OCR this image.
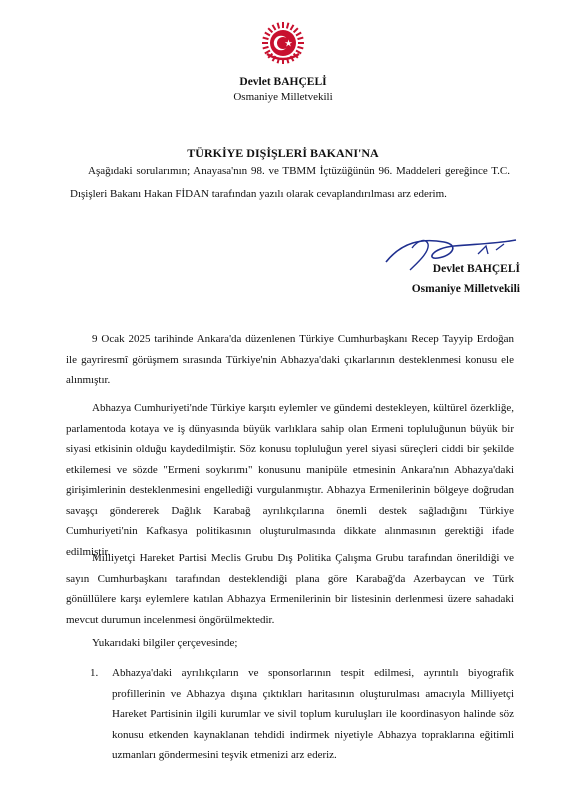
Devlet BAHÇELİ
Osmaniye Milletvekili
TÜRKİYE DIŞİŞLERİ BAKANI'NA

Aşağıdaki sorularımın; Anayasa'nın 98. ve TBMM İçtüzüğünün 96. Maddeleri gereğince T.C. Dışişleri Bakanı Hakan FİDAN tarafından yazılı olarak cevaplandırılması arz ederim.

Devlet BAHÇELİ
Osmaniye Milletvekili

9 Ocak 2025 tarihinde Ankara'da düzenlenen Türkiye Cumhurbaşkanı Recep Tayyip Erdoğan ile gayriresmî görüşmem sırasında Türkiye'nin Abhazya'daki çıkarlarının desteklenmesi konusu ele alınmıştır.

Abhazya Cumhuriyeti'nde Türkiye karşıtı eylemler ve gündemi destekleyen, kültürel özerkliğe, parlamentoda kotaya ve iş dünyasında büyük varlıklara sahip olan Ermeni topluluğunun büyük bir siyasi etkisinin olduğu kaydedilmiştir. Söz konusu topluluğun yerel siyasi süreçleri ciddi bir şekilde etkilemesi ve sözde "Ermeni soykırımı" konusunu manipüle etmesinin Ankara'nın Abhazya'daki girişimlerinin desteklenmesini engellediği vurgulanmıştır. Abhazya Ermenilerinin bölgeye doğrudan savaşçı göndererek Dağlık Karabağ ayrılıkçılarına önemli destek sağladığını Türkiye Cumhuriyeti'nin Kafkasya politikasının oluşturulmasında dikkate alınmasının gerektiği ifade edilmiştir.

Milliyetçi Hareket Partisi Meclis Grubu Dış Politika Çalışma Grubu tarafından önerildiği ve sayın Cumhurbaşkanı tarafından desteklendiği plana göre Karabağ'da Azerbaycan ve Türk gönüllülere karşı eylemlere katılan Abhazya Ermenilerinin bir listesinin derlenmesi üzere sahadaki mevcut durumun incelenmesi öngörülmektedir.

Yukarıdaki bilgiler çerçevesinde;

1. Abhazya'daki ayrılıkçıların ve sponsorlarının tespit edilmesi, ayrıntılı biyografik profillerinin ve Abhazya dışına çıktıkları haritasının oluşturulması amacıyla Milliyetçi Hareket Partisinin ilgili kurumlar ve sivil toplum kuruluşları ile koordinasyon halinde söz konusu etkenden kaynaklanan tehdidi indirmek niyetiyle Abhazya topraklarına eğitimli uzmanları göndermesini teşvik etmenizi arz ederiz.
